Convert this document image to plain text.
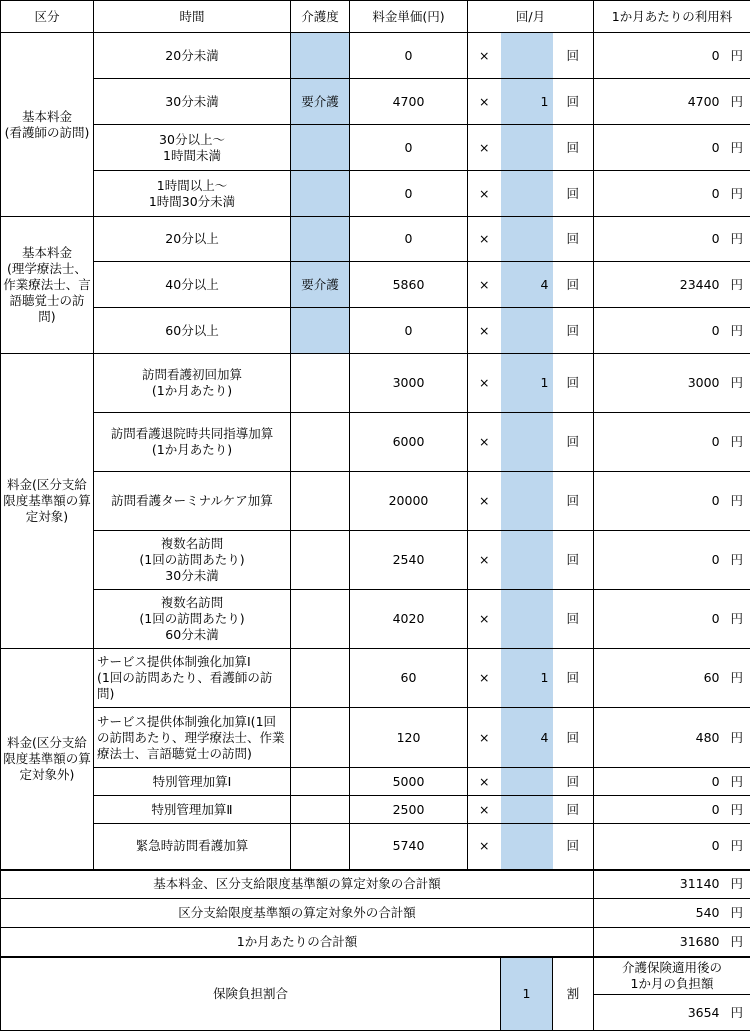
区分	時間	介護度	料金単価(円)	回/月			1か月あたりの利用料	
基本料金
(看護師の訪問)	20分未満		0	×		回	0	円
	30分未満	要介護	4700	×	1	回	4700	円
	30分以上～
1時間未満		0	×		回	0	円
	1時間以上～
1時間30分未満		0	×		回	0	円
基本料金
(理学療法士、作業療法士、言語聴覚士の訪問)	20分以上		0	×		回	0	円
	40分以上	要介護	5860	×	4	回	23440	円
	60分以上		0	×		回	0	円
料金(区分支給限度基準額の算定対象)	訪問看護初回加算
(1か月あたり)		3000	×	1	回	3000	円
	訪問看護退院時共同指導加算
(1か月あたり)		6000	×		回	0	円
	訪問看護ターミナルケア加算		20000	×		回	0	円
	複数名訪問
(1回の訪問あたり)
30分未満		2540	×		回	0	円
	複数名訪問
(1回の訪問あたり)
60分未満		4020	×		回	0	円
料金(区分支給限度基準額の算定対象外)	サービス提供体制強化加算Ⅰ
(1回の訪問あたり、看護師の訪問)		60	×	1	回	60	円
	サービス提供体制強化加算Ⅰ(1回の訪問あたり、理学療法士、作業療法士、言語聴覚士の訪問)		120	×	4	回	480	円
	特別管理加算Ⅰ		5000	×		回	0	円
	特別管理加算Ⅱ		2500	×		回	0	円
	緊急時訪問看護加算		5740	×		回	0	円
基本料金、区分支給限度基準額の算定対象の合計額							31140	円
区分支給限度基準額の算定対象外の合計額							540	円
1か月あたりの合計額							31680	円
保険負担割合					1	割	介護保険適用後の
1か月の負担額	
							3654	円
